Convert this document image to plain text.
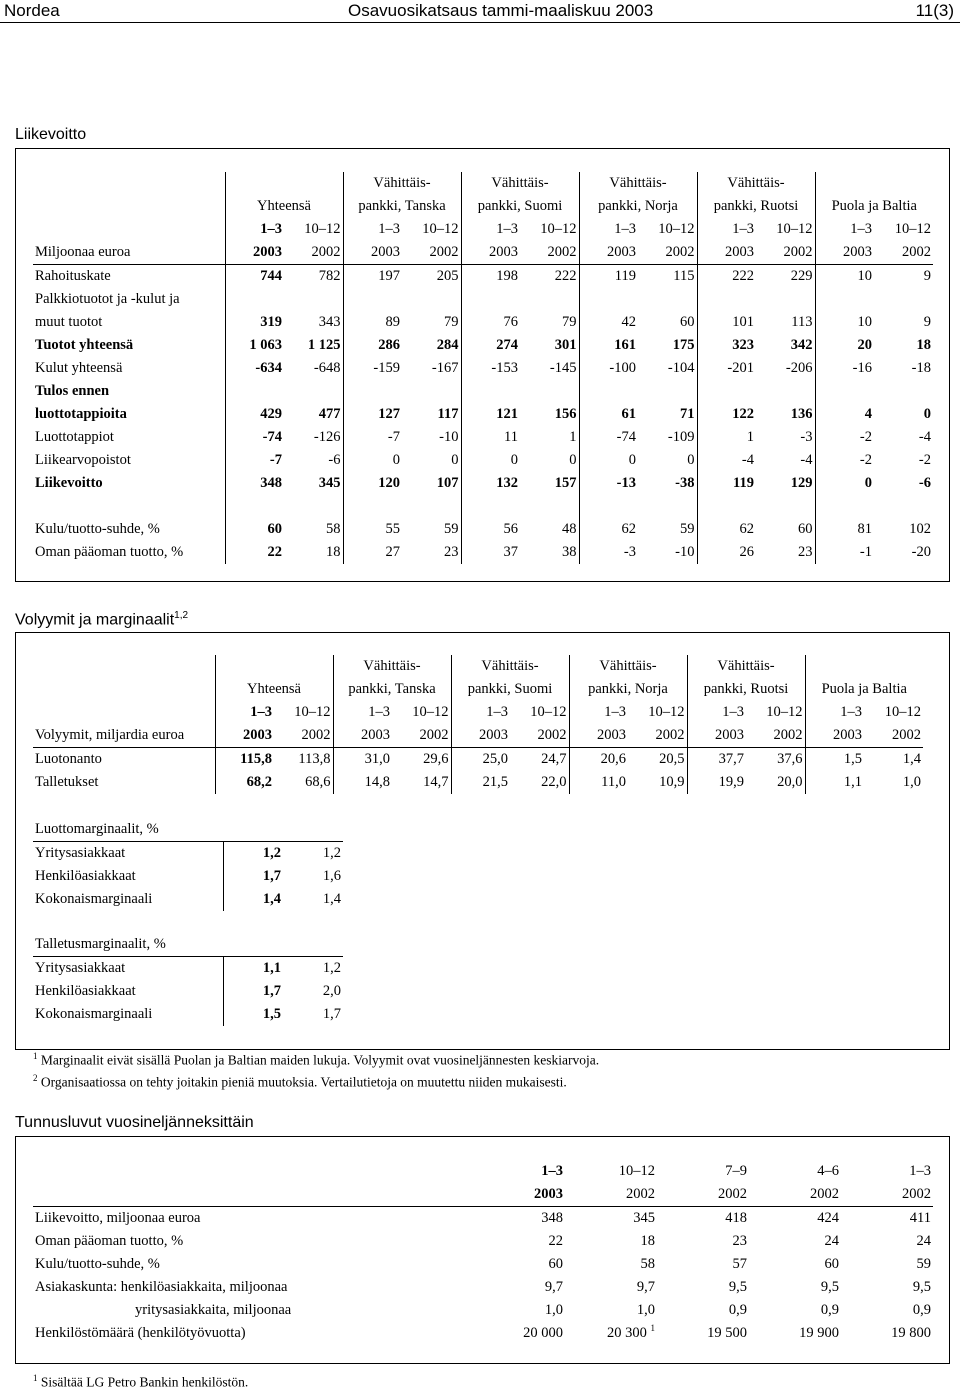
Nordea	Osavuosikatsaus tammi-maaliskuu 2003	11(3)
Liikevoitto
			Vähittäis-		Vähittäis-		Vähittäis-		Vähittäis-			
	Yhteensä		pankki, Tanska		pankki, Suomi		pankki, Norja		pankki, Ruotsi		Puola ja Baltia	
	1–3	10–12	1–3	10–12	1–3	10–12	1–3	10–12	1–3	10–12	1–3	10–12
Miljoonaa euroa	2003	2002	2003	2002	2003	2002	2003	2002	2003	2002	2003	2002
Rahoituskate	744	782	197	205	198	222	119	115	222	229	10	9
Palkkiotuotot ja -kulut ja												
muut tuotot	319	343	89	79	76	79	42	60	101	113	10	9
Tuotot yhteensä	1 063	1 125	286	284	274	301	161	175	323	342	20	18
Kulut yhteensä	-634	-648	-159	-167	-153	-145	-100	-104	-201	-206	-16	-18
Tulos ennen												
luottotappioita	429	477	127	117	121	156	61	71	122	136	4	0
Luottotappiot	-74	-126	-7	-10	11	1	-74	-109	1	-3	-2	-4
Liikearvopoistot	-7	-6	0	0	0	0	0	0	-4	-4	-2	-2
Liikevoitto	348	345	120	107	132	157	-13	-38	119	129	0	-6

Kulu/tuotto-suhde, %	60	58	55	59	56	48	62	59	62	60	81	102
Oman pääoman tuotto, %	22	18	27	23	37	38	-3	-10	26	23	-1	-20
Volyymit ja marginaalit$^{1,2}$
			Vähittäis-		Vähittäis-		Vähittäis-		Vähittäis-			
	Yhteensä		pankki, Tanska		pankki, Suomi		pankki, Norja		pankki, Ruotsi		Puola ja Baltia	
	1–3	10–12	1–3	10–12	1–3	10–12	1–3	10–12	1–3	10–12	1–3	10–12
Volyymit, miljardia euroa	2003	2002	2003	2002	2003	2002	2003	2002	2003	2002	2003	2002
Luotonanto	115,8	113,8	31,0	29,6	25,0	24,7	20,6	20,5	37,7	37,6	1,5	1,4
Talletukset	68,2	68,6	14,8	14,7	21,5	22,0	11,0	10,9	19,9	20,0	1,1	1,0
Luottomarginaalit, %		
Yritysasiakkaat	1,2	1,2
Henkilöasiakkaat	1,7	1,6
Kokonaismarginaali	1,4	1,4
Talletusmarginaalit, %		
Yritysasiakkaat	1,1	1,2
Henkilöasiakkaat	1,7	2,0
Kokonaismarginaali	1,5	1,7
$^1$ Marginaalit eivät sisällä Puolan ja Baltian maiden lukuja. Volyymit ovat vuosineljännesten keskiarvoja.
$^2$ Organisaatiossa on tehty joitakin pieniä muutoksia. Vertailutietoja on muutettu niiden mukaisesti.
Tunnusluvut vuosineljänneksittäin
	1–3	10–12	7–9	4–6	1–3
	2003	2002	2002	2002	2002
Liikevoitto, miljoonaa euroa	348	345	418	424	411
Oman pääoman tuotto, %	22	18	23	24	24
Kulu/tuotto-suhde, %	60	58	57	60	59
Asiakaskunta: henkilöasiakkaita, miljoonaa	9,7	9,7	9,5	9,5	9,5
yritysasiakkaita, miljoonaa	1,0	1,0	0,9	0,9	0,9
Henkilöstömäärä (henkilötyövuotta)	20 000	20 300 $^1$	19 500	19 900	19 800
$^1$ Sisältää LG Petro Bankin henkilöstön.
